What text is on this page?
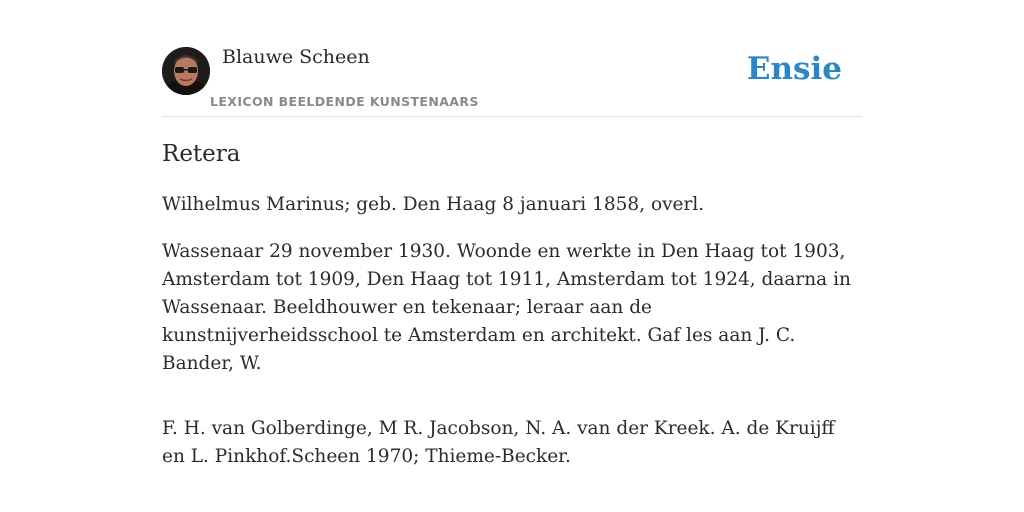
Blauwe Scheen
LEXICON BEELDENDE KUNSTENAARS
Ensie
Retera

Wilhelmus Marinus; geb. Den Haag 8 januari 1858, overl.

Wassenaar 29 november 1930. Woonde en werkte in Den Haag tot 1903, Amsterdam tot 1909, Den Haag tot 1911, Amsterdam tot 1924, daarna in Wassenaar. Beeldhouwer en tekenaar; leraar aan de kunstnijverheidsschool te Amsterdam en architekt. Gaf les aan J. C. Bander, W.

F. H. van Golberdinge, M R. Jacobson, N. A. van der Kreek. A. de Kruijff en L. Pinkhof.Scheen 1970; Thieme-Becker.
